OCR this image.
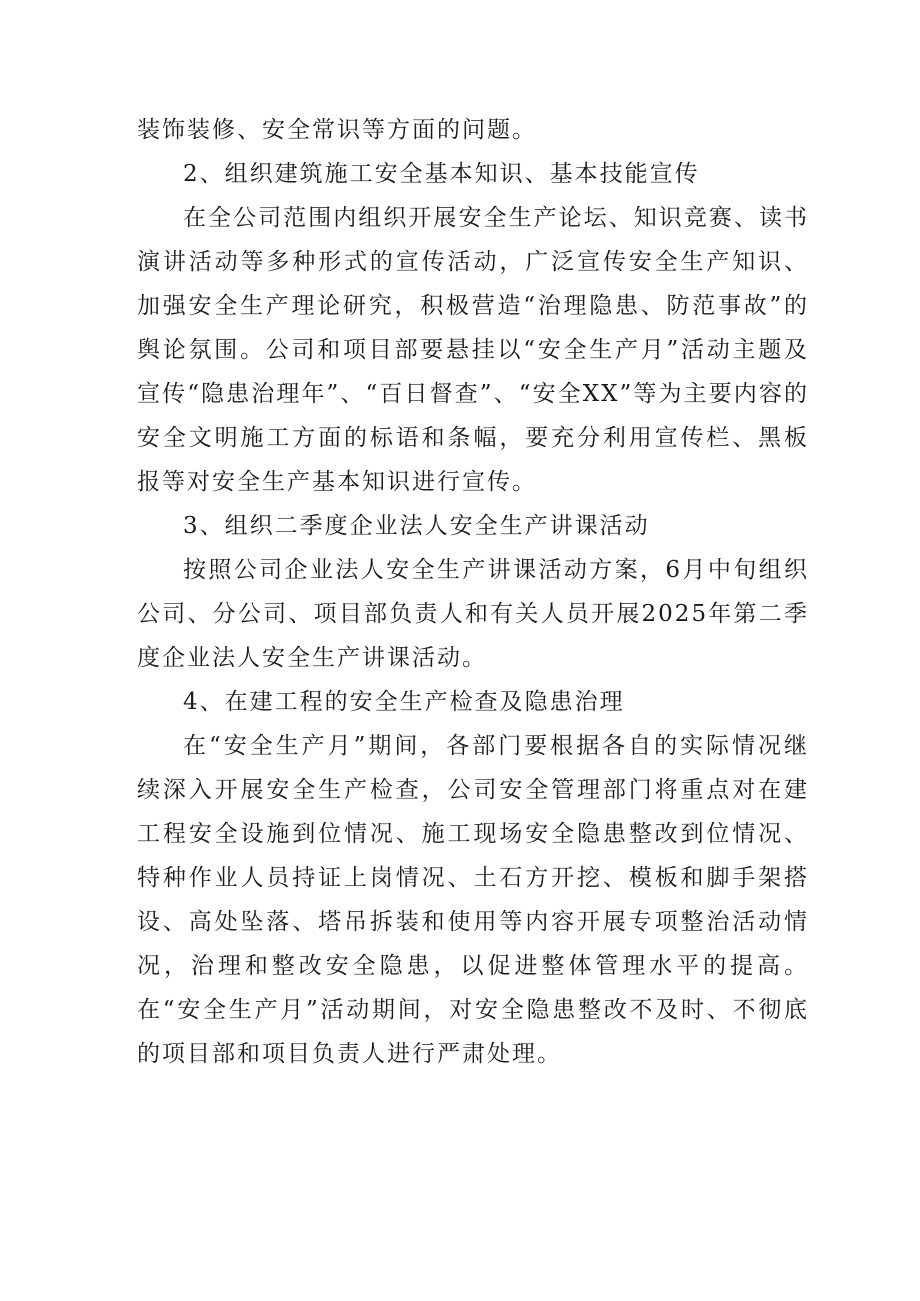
装饰装修、安全常识等方面的问题。

2、组织建筑施工安全基本知识、基本技能宣传

在全公司范围内组织开展安全生产论坛、知识竞赛、读书演讲活动等多种形式的宣传活动，广泛宣传安全生产知识、加强安全生产理论研究，积极营造“治理隐患、防范事故”的舆论氛围。公司和项目部要悬挂以“安全生产月”活动主题及宣传“隐患治理年”、“百日督查”、“安全XX”等为主要内容的安全文明施工方面的标语和条幅，要充分利用宣传栏、黑板报等对安全生产基本知识进行宣传。

3、组织二季度企业法人安全生产讲课活动

按照公司企业法人安全生产讲课活动方案，6月中旬组织公司、分公司、项目部负责人和有关人员开展2025年第二季度企业法人安全生产讲课活动。

4、在建工程的安全生产检查及隐患治理

在“安全生产月”期间，各部门要根据各自的实际情况继续深入开展安全生产检查，公司安全管理部门将重点对在建工程安全设施到位情况、施工现场安全隐患整改到位情况、特种作业人员持证上岗情况、土石方开挖、模板和脚手架搭设、高处坠落、塔吊拆装和使用等内容开展专项整治活动情况，治理和整改安全隐患，以促进整体管理水平的提高。在“安全生产月”活动期间，对安全隐患整改不及时、不彻底的项目部和项目负责人进行严肃处理。
